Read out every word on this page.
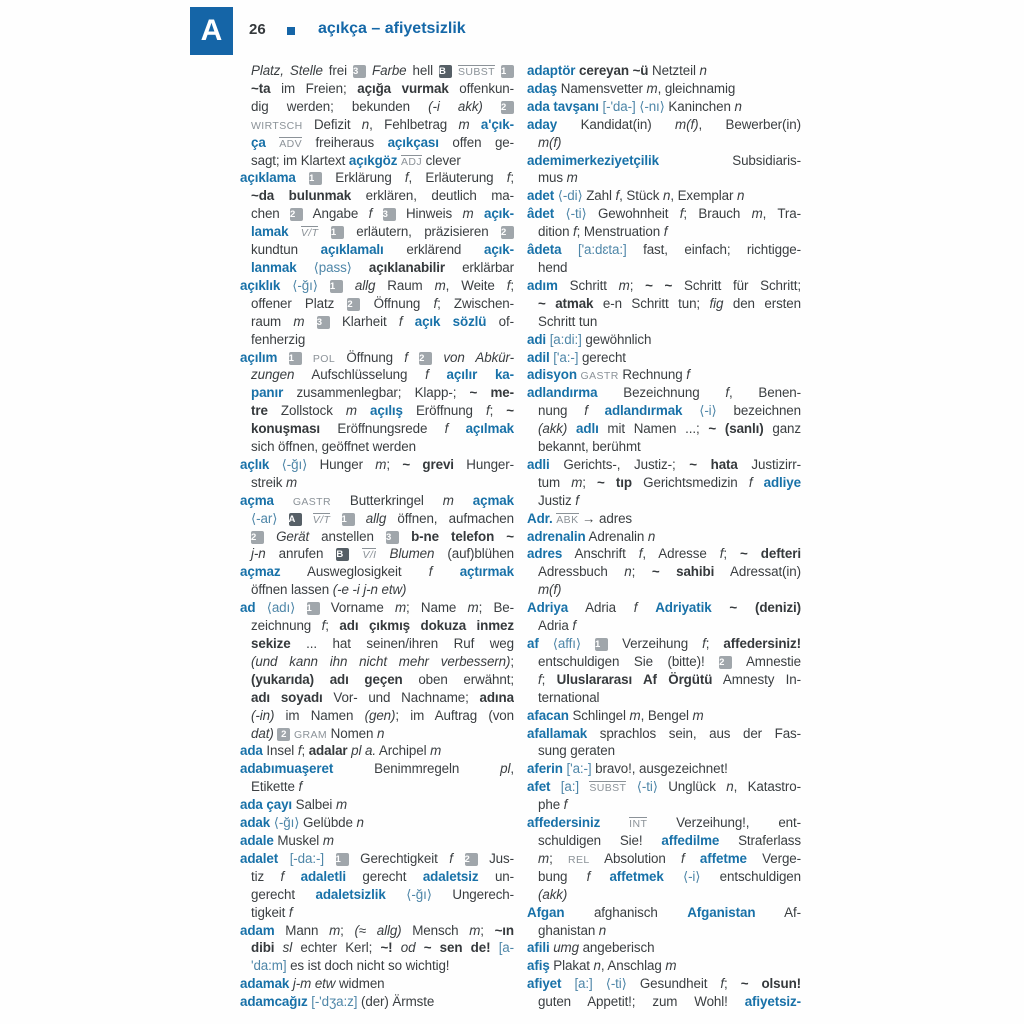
A	26	açıkça – afiyetsizlik
Platz, Stelle frei 3 Farbe hell B SUBST 1
~ta im Freien; açığa vurmak offenkun-
dig werden; bekunden (-i akk) 2
WIRTSCH Defizit n, Fehlbetrag m a'çık-
ça ADV freiheraus açıkçası offen ge-
sagt; im Klartext açıkgöz ADJ clever
açıklama 1 Erklärung f, Erläuterung f;
~da bulunmak erklären, deutlich ma-
chen 2 Angabe f 3 Hinweis m açık-
lamak V/T 1 erläutern, präzisieren 2
kundtun açıklamalı erklärend açık-
lanmak ⟨pass⟩ açıklanabilir erklärbar
açıklık ⟨-ğı⟩ 1 allg Raum m, Weite f;
offener Platz 2 Öffnung f; Zwischen-
raum m 3 Klarheit f açık sözlü of-
fenherzig
açılım 1 POL Öffnung f 2 von Abkür-
zungen Aufschlüsselung f açılır ka-
panır zusammenlegbar; Klapp-; ~ me-
tre Zollstock m açılış Eröffnung f; ~
konuşması Eröffnungsrede f açılmak
sich öffnen, geöffnet werden
açlık ⟨-ğı⟩ Hunger m; ~ grevi Hunger-
streik m
açma GASTR Butterkringel m açmak
⟨-ar⟩ A V/T 1 allg öffnen, aufmachen
2 Gerät anstellen 3 b-ne telefon ~
j-n anrufen B V/I Blumen (auf)blühen
açmaz Ausweglosigkeit f açtırmak
öffnen lassen (-e -i j-n etw)
ad ⟨adı⟩ 1 Vorname m; Name m; Be-
zeichnung f; adı çıkmış dokuza inmez
sekize ... hat seinen/ihren Ruf weg
(und kann ihn nicht mehr verbessern);
(yukarıda) adı geçen oben erwähnt;
adı soyadı Vor- und Nachname; adına
(-in) im Namen (gen); im Auftrag (von
dat) 2 GRAM Nomen n
ada Insel f; adalar pl a. Archipel m
adabımuaşeret Benimmregeln pl,
Etikette f
ada çayı Salbei m
adak ⟨-ğı⟩ Gelübde n
adale Muskel m
adalet [-da:-] 1 Gerechtigkeit f 2 Jus-
tiz f adaletli gerecht adaletsiz un-
gerecht adaletsizlik ⟨-ğı⟩ Ungerech-
tigkeit f
adam Mann m; (≈ allg) Mensch m; ~ın
dibi sl echter Kerl; ~! od ~ sen de! [a-
'da:m] es ist doch nicht so wichtig!
adamak j-m etw widmen
adamcağız [-'dʒa:z] (der) Ärmste
adaptör cereyan ~ü Netzteil n
adaş Namensvetter m, gleichnamig
ada tavşanı [-'da-] ⟨-nı⟩ Kaninchen n
aday Kandidat(in) m(f), Bewerber(in)
m(f)
ademimerkeziyetçilik Subsidiaris-
mus m
adet ⟨-di⟩ Zahl f, Stück n, Exemplar n
âdet ⟨-ti⟩ Gewohnheit f; Brauch m, Tra-
dition f; Menstruation f
âdeta ['a:dɛta:] fast, einfach; richtigge-
hend
adım Schritt m; ~ ~ Schritt für Schritt;
~ atmak e-n Schritt tun; fig den ersten
Schritt tun
adi [a:di:] gewöhnlich
adil ['a:-] gerecht
adisyon GASTR Rechnung f
adlandırma Bezeichnung f, Benen-
nung f adlandırmak ⟨-i⟩ bezeichnen
(akk) adlı mit Namen ...; ~ (sanlı) ganz
bekannt, berühmt
adli Gerichts-, Justiz-; ~ hata Justizirr-
tum m; ~ tıp Gerichtsmedizin f adliye
Justiz f
Adr. ABK → adres
adrenalin Adrenalin n
adres Anschrift f, Adresse f; ~ defteri
Adressbuch n; ~ sahibi Adressat(in)
m(f)
Adriya Adria f Adriyatik ~ (denizi)
Adria f
af ⟨affı⟩ 1 Verzeihung f; affedersiniz!
entschuldigen Sie (bitte)! 2 Amnestie
f; Uluslararası Af Örgütü Amnesty In-
ternational
afacan Schlingel m, Bengel m
afallamak sprachlos sein, aus der Fas-
sung geraten
aferin ['a:-] bravo!, ausgezeichnet!
afet [a:] SUBST ⟨-ti⟩ Unglück n, Katastro-
phe f
affedersiniz	INT Verzeihung!, ent-
schuldigen Sie! affedilme Straferlass
m; REL Absolution f affetme Verge-
bung f affetmek ⟨-i⟩ entschuldigen
(akk)
Afgan afghanisch Afganistan Af-
ghanistan n
afili umg angeberisch
afiş Plakat n, Anschlag m
afiyet [a:] ⟨-ti⟩ Gesundheit f; ~ olsun!
guten Appetit!; zum Wohl! afiyetsiz-
